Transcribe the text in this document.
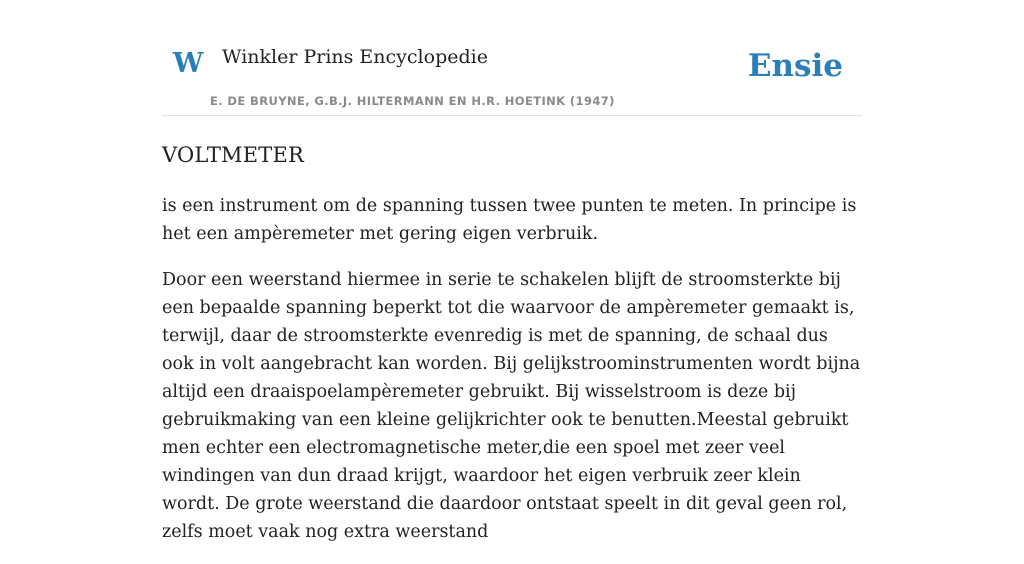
W Winkler Prins Encyclopedie
E. DE BRUYNE, G.B.J. HILTERMANN EN H.R. HOETINK (1947)
Ensie
VOLTMETER

is een instrument om de spanning tussen twee punten te meten. In principe is het een ampèremeter met gering eigen verbruik.

Door een weerstand hiermee in serie te schakelen blijft de stroomsterkte bij een bepaalde spanning beperkt tot die waarvoor de ampèremeter gemaakt is, terwijl, daar de stroomsterkte evenredig is met de spanning, de schaal dus ook in volt aangebracht kan worden. Bij gelijkstroominstrumenten wordt bijna altijd een draaispoelampèremeter gebruikt. Bij wisselstroom is deze bij gebruikmaking van een kleine gelijkrichter ook te benutten.Meestal gebruikt men echter een electromagnetische meter,die een spoel met zeer veel windingen van dun draad krijgt, waardoor het eigen verbruik zeer klein wordt. De grote weerstand die daardoor ontstaat speelt in dit geval geen rol, zelfs moet vaak nog extra weerstand
